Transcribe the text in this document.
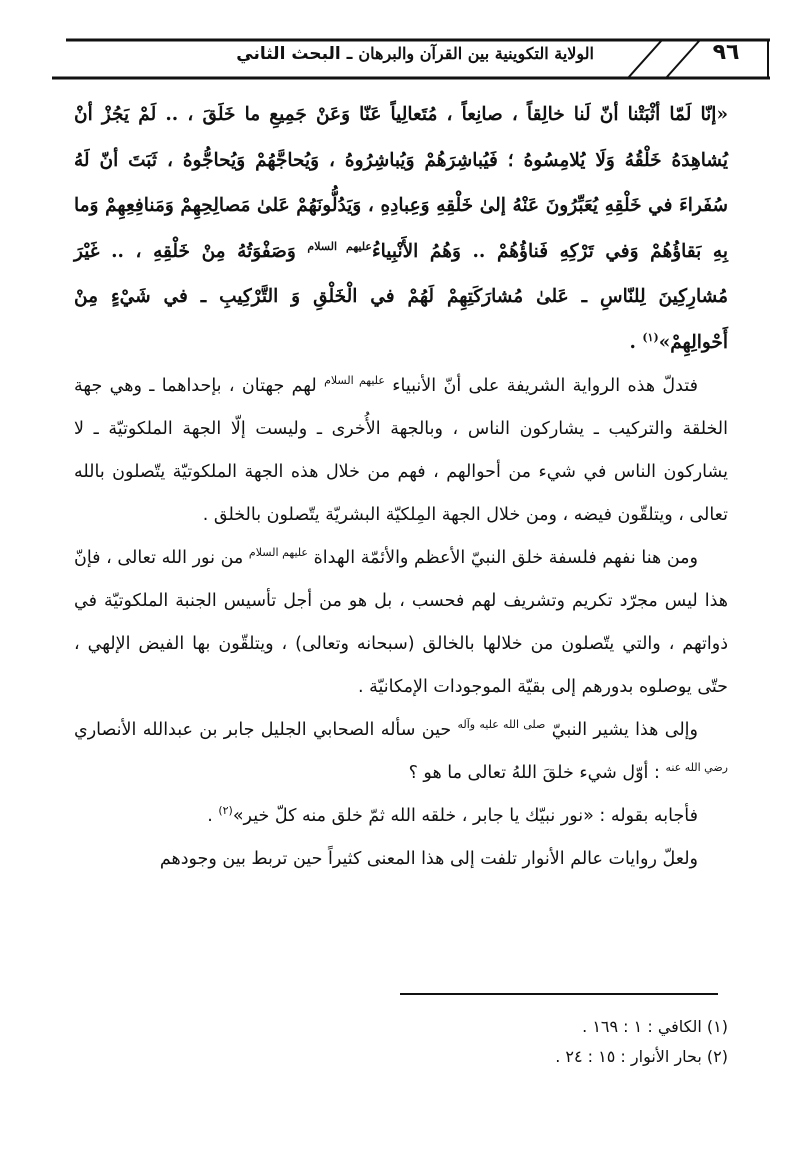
٩٦
الولاية التكوينية بين القرآن والبرهان ـ البحث الثاني

«إنّا لَمّا أثْبَتْنا أنّ لَنا خالِقاً ، صانِعاً ، مُتَعالِياً عَنّا وَعَنْ جَمِيعِ ما خَلَقَ ، .. لَمْ يَجُزْ أنْ يُشاهِدَهُ خَلْقُهُ وَلَا يُلامِسُوهُ ؛ فَيُباشِرَهُمْ وَيُباشِرُوهُ ، وَيُحاجَّهُمْ وَيُحاجُّوهُ ، ثَبَتَ أنّ لَهُ سُفَراءَ في خَلْقِهِ يُعَبِّرُونَ عَنْهُ إلىٰ خَلْقِهِ وَعِبادِهِ ، وَيَدُلُّونَهُمْ عَلىٰ مَصالِحِهِمْ وَمَنافِعِهِمْ وَما بِهِ بَقاؤُهُمْ وَفي تَرْكِهِ فَناؤُهُمْ .. وَهُمُ الأَنْبِياءُ$^{عليهم السلام}$ وَصَفْوَتُهُ مِنْ خَلْقِهِ ، .. غَيْرَ مُشارِكِينَ لِلنّاسِ ـ عَلىٰ مُشارَكَتِهِمْ لَهُمْ في الْخَلْقِ وَ التَّرْكِيبِ ـ في شَيْءٍ مِنْ أَحْوالِهِمْ»$^{(١)}$ .

فتدلّ هذه الرواية الشريفة على أنّ الأنبياء $^{عليهم السلام}$ لهم جهتان ، بإحداهما ـ وهي جهة الخلقة والتركيب ـ يشاركون الناس ، وبالجهة الأُخرى ـ وليست إلّا الجهة الملكوتيّة ـ لا يشاركون الناس في شيء من أحوالهم ، فهم من خلال هذه الجهة الملكوتيّة يتّصلون بالله تعالى ، ويتلقّون فيضه ، ومن خلال الجهة المِلكيّة البشريّة يتّصلون بالخلق .

ومن هنا نفهم فلسفة خلق النبيّ الأعظم والأئمّة الهداة $^{عليهم السلام}$ من نور الله تعالى ، فإنّ هذا ليس مجرّد تكريم وتشريف لهم فحسب ، بل هو من أجل تأسيس الجنبة الملكوتيّة في ذواتهم ، والتي يتّصلون من خلالها بالخالق (سبحانه وتعالى) ، ويتلقّون بها الفيض الإلهي ، حتّى يوصلوه بدورهم إلى بقيّة الموجودات الإمكانيّة .

وإلى هذا يشير النبيّ $^{صلى الله عليه وآله}$ حين سأله الصحابي الجليل جابر بن عبدالله الأنصاري $^{رضي الله عنه}$ : أوّل شيء خلقَ اللهُ تعالى ما هو ؟

فأجابه بقوله : «نور نبيّك يا جابر ، خلقه الله ثمّ خلق منه كلّ خير»$^{(٢)}$ .

ولعلّ روايات عالم الأنوار تلفت إلى هذا المعنى كثيراً حين تربط بين وجودهم

(١) الكافي : ١ : ١٦٩ .

(٢) بحار الأنوار : ١٥ : ٢٤ .
